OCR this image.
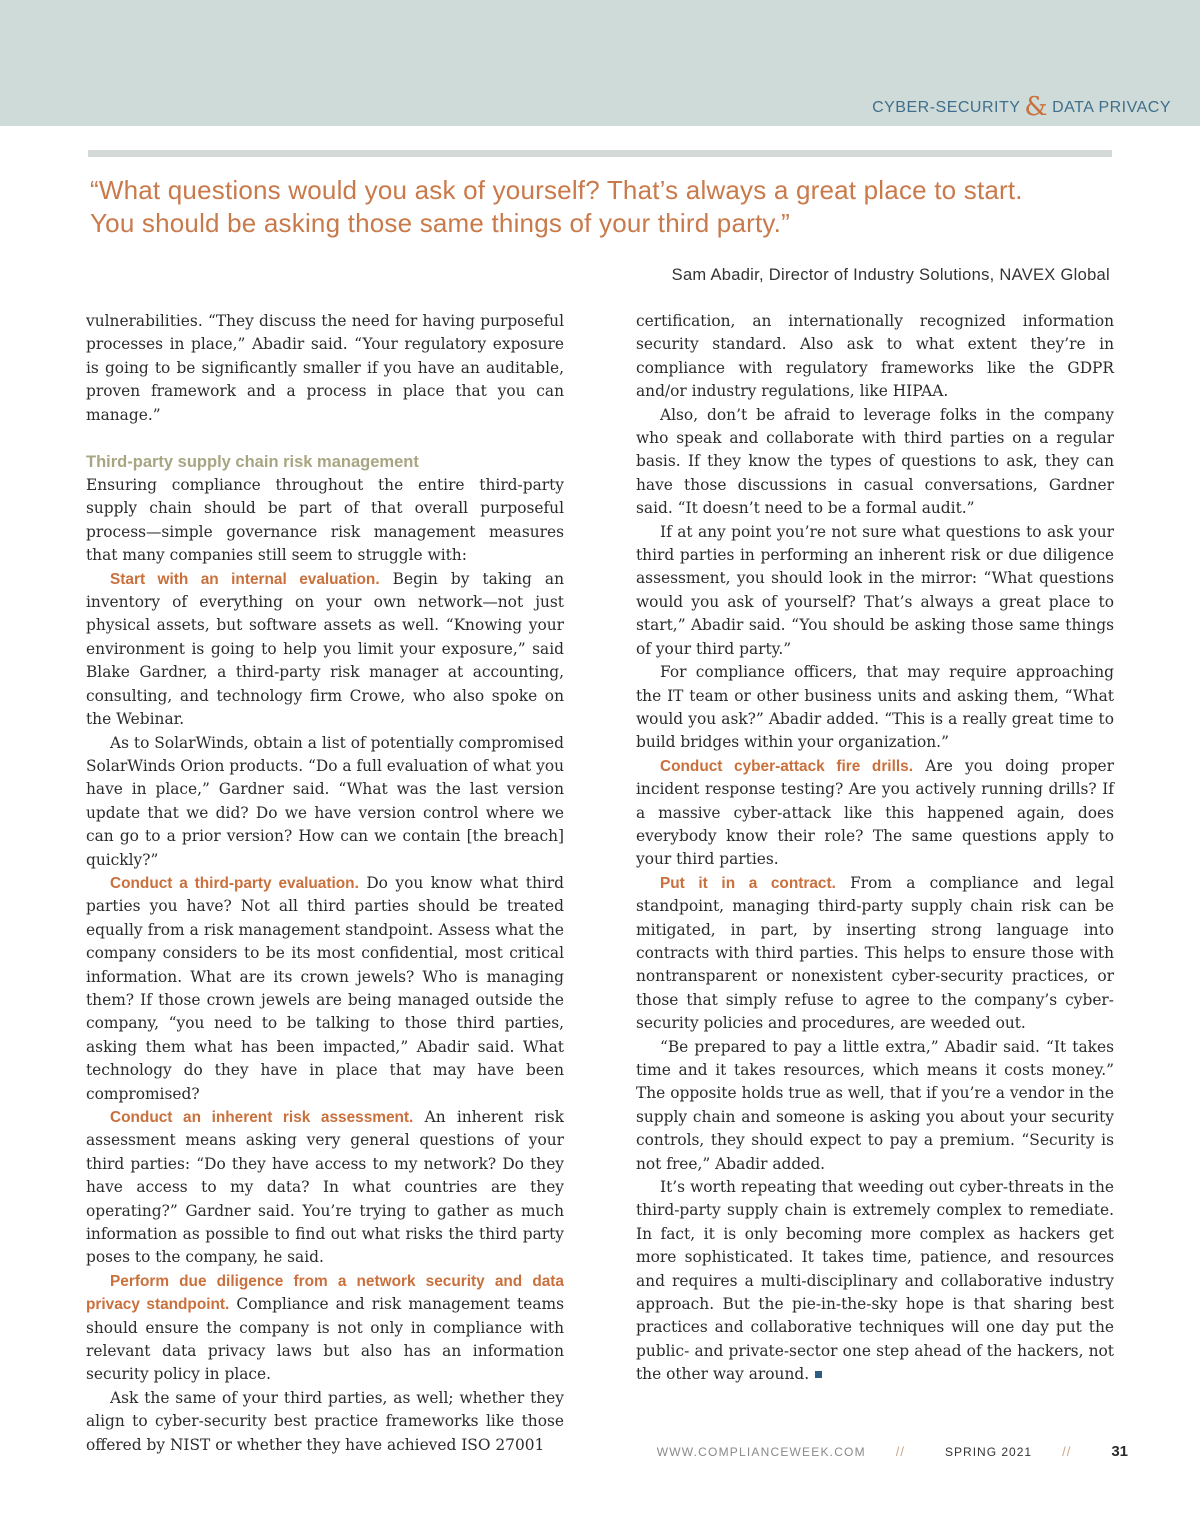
CYBER-SECURITY & DATA PRIVACY

“What questions would you ask of yourself? That’s always a great place to start.
You should be asking those same things of your third party.”

Sam Abadir, Director of Industry Solutions, NAVEX Global

vulnerabilities. “They discuss the need for having purposeful processes in place,” Abadir said. “Your regulatory exposure is going to be significantly smaller if you have an auditable, proven framework and a process in place that you can manage.”

Third-party supply chain risk management

Ensuring compliance throughout the entire third-party supply chain should be part of that overall purposeful process—simple governance risk management measures that many companies still seem to struggle with:

Start with an internal evaluation. Begin by taking an inventory of everything on your own network—not just physical assets, but software assets as well. “Knowing your environment is going to help you limit your exposure,” said Blake Gardner, a third-party risk manager at accounting, consulting, and technology firm Crowe, who also spoke on the Webinar.

As to SolarWinds, obtain a list of potentially compromised SolarWinds Orion products. “Do a full evaluation of what you have in place,” Gardner said. “What was the last version update that we did? Do we have version control where we can go to a prior version? How can we contain [the breach] quickly?”

Conduct a third-party evaluation. Do you know what third parties you have? Not all third parties should be treated equally from a risk management standpoint. Assess what the company considers to be its most confidential, most critical information. What are its crown jewels? Who is managing them? If those crown jewels are being managed outside the company, “you need to be talking to those third parties, asking them what has been impacted,” Abadir said. What technology do they have in place that may have been compromised?

Conduct an inherent risk assessment. An inherent risk assessment means asking very general questions of your third parties: “Do they have access to my network? Do they have access to my data? In what countries are they operating?” Gardner said. You’re trying to gather as much information as possible to find out what risks the third party poses to the company, he said.

Perform due diligence from a network security and data privacy standpoint. Compliance and risk management teams should ensure the company is not only in compliance with relevant data privacy laws but also has an information security policy in place.

Ask the same of your third parties, as well; whether they align to cyber-security best practice frameworks like those offered by NIST or whether they have achieved ISO 27001

certification, an internationally recognized information security standard. Also ask to what extent they’re in compliance with regulatory frameworks like the GDPR and/or industry regulations, like HIPAA.

Also, don’t be afraid to leverage folks in the company who speak and collaborate with third parties on a regular basis. If they know the types of questions to ask, they can have those discussions in casual conversations, Gardner said. “It doesn’t need to be a formal audit.”

If at any point you’re not sure what questions to ask your third parties in performing an inherent risk or due diligence assessment, you should look in the mirror: “What questions would you ask of yourself? That’s always a great place to start,” Abadir said. “You should be asking those same things of your third party.”

For compliance officers, that may require approaching the IT team or other business units and asking them, “What would you ask?” Abadir added. “This is a really great time to build bridges within your organization.”

Conduct cyber-attack fire drills. Are you doing proper incident response testing? Are you actively running drills? If a massive cyber-attack like this happened again, does everybody know their role? The same questions apply to your third parties.

Put it in a contract. From a compliance and legal standpoint, managing third-party supply chain risk can be mitigated, in part, by inserting strong language into contracts with third parties. This helps to ensure those with nontransparent or nonexistent cyber-security practices, or those that simply refuse to agree to the company’s cyber-security policies and procedures, are weeded out.

“Be prepared to pay a little extra,” Abadir said. “It takes time and it takes resources, which means it costs money.” The opposite holds true as well, that if you’re a vendor in the supply chain and someone is asking you about your security controls, they should expect to pay a premium. “Security is not free,” Abadir added.

It’s worth repeating that weeding out cyber-threats in the third-party supply chain is extremely complex to remediate. In fact, it is only becoming more complex as hackers get more sophisticated. It takes time, patience, and resources and requires a multi-disciplinary and collaborative industry approach. But the pie-in-the-sky hope is that sharing best practices and collaborative techniques will one day put the public- and private-sector one step ahead of the hackers, not the other way around.

WWW.COMPLIANCEWEEK.COM //	SPRING 2021 //	31
